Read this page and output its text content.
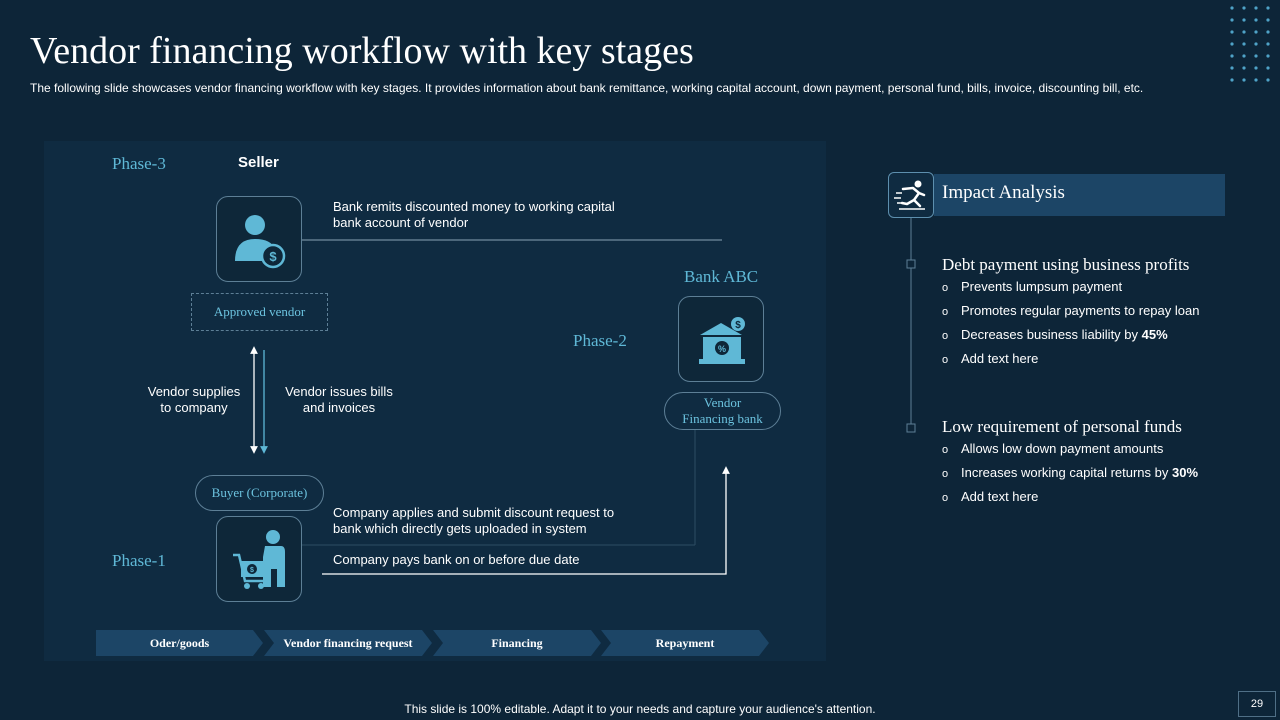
Vendor financing workflow with key stages
The following slide showcases vendor financing workflow with key stages. It provides information about bank remittance, working capital account, down payment, personal fund, bills, invoice, discounting bill, etc.
Phase-3
Phase-2
Phase-1
Seller
Bank ABC
$
Approved vendor
%
$
Vendor
Financing bank
Buyer (Corporate)
$
Bank remits discounted money to working capital
bank account of vendor
Vendor supplies
to company
Vendor issues bills
and invoices
Company applies and submit discount request to
bank which directly gets uploaded in system
Company pays bank on or before due date
Oder/goods	Vendor financing request	Financing	Repayment
Impact Analysis
Debt payment using business profits
o Prevents lumpsum payment
o Promotes regular payments to repay loan
o Decreases business liability by 45%
o Add text here
Low requirement of personal funds
o Allows low down payment amounts
o Increases working capital returns by 30%
o Add text here
This slide is 100% editable. Adapt it to your needs and capture your audience's attention.	29
